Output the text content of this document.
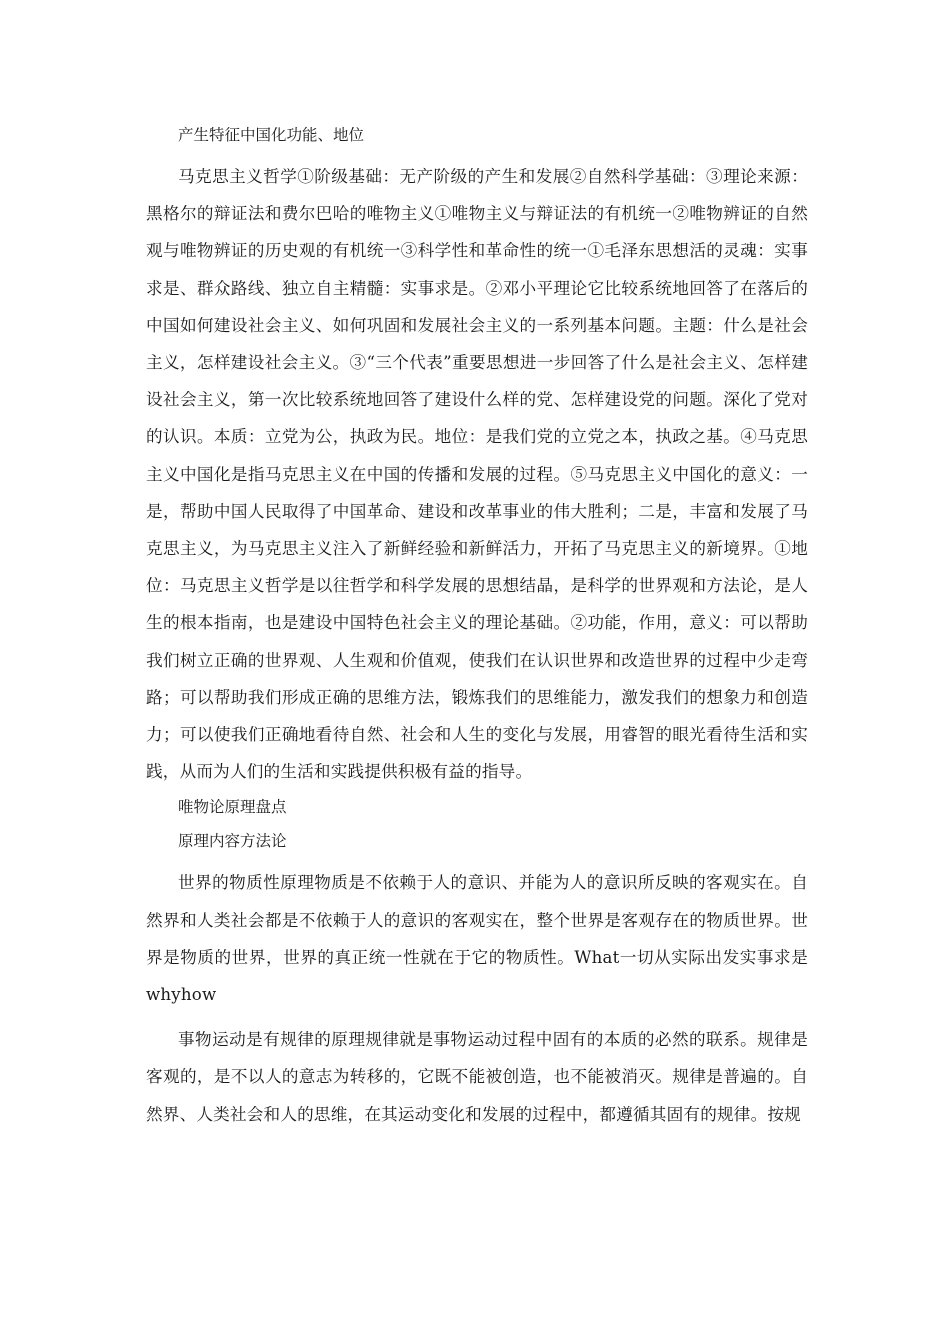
产生特征中国化功能、地位

马克思主义哲学①阶级基础：无产阶级的产生和发展②自然科学基础：③理论来源：黑格尔的辩证法和费尔巴哈的唯物主义①唯物主义与辩证法的有机统一②唯物辨证的自然观与唯物辨证的历史观的有机统一③科学性和革命性的统一①毛泽东思想活的灵魂：实事求是、群众路线、独立自主精髓：实事求是。②邓小平理论它比较系统地回答了在落后的中国如何建设社会主义、如何巩固和发展社会主义的一系列基本问题。主题：什么是社会主义，怎样建设社会主义。③“三个代表”重要思想进一步回答了什么是社会主义、怎样建设社会主义，第一次比较系统地回答了建设什么样的党、怎样建设党的问题。深化了党对的认识。本质：立党为公，执政为民。地位：是我们党的立党之本，执政之基。④马克思主义中国化是指马克思主义在中国的传播和发展的过程。⑤马克思主义中国化的意义：一是，帮助中国人民取得了中国革命、建设和改革事业的伟大胜利；二是，丰富和发展了马克思主义，为马克思主义注入了新鲜经验和新鲜活力，开拓了马克思主义的新境界。①地位：马克思主义哲学是以往哲学和科学发展的思想结晶，是科学的世界观和方法论，是人生的根本指南，也是建设中国特色社会主义的理论基础。②功能，作用，意义：可以帮助我们树立正确的世界观、人生观和价值观，使我们在认识世界和改造世界的过程中少走弯路；可以帮助我们形成正确的思维方法，锻炼我们的思维能力，激发我们的想象力和创造力；可以使我们正确地看待自然、社会和人生的变化与发展，用睿智的眼光看待生活和实践，从而为人们的生活和实践提供积极有益的指导。

唯物论原理盘点

原理内容方法论

世界的物质性原理物质是不依赖于人的意识、并能为人的意识所反映的客观实在。自然界和人类社会都是不依赖于人的意识的客观实在，整个世界是客观存在的物质世界。世界是物质的世界，世界的真正统一性就在于它的物质性。What一切从实际出发实事求是whyhow

事物运动是有规律的原理规律就是事物运动过程中固有的本质的必然的联系。规律是客观的，是不以人的意志为转移的，它既不能被创造，也不能被消灭。规律是普遍的。自然界、人类社会和人的思维，在其运动变化和发展的过程中，都遵循其固有的规律。按规
